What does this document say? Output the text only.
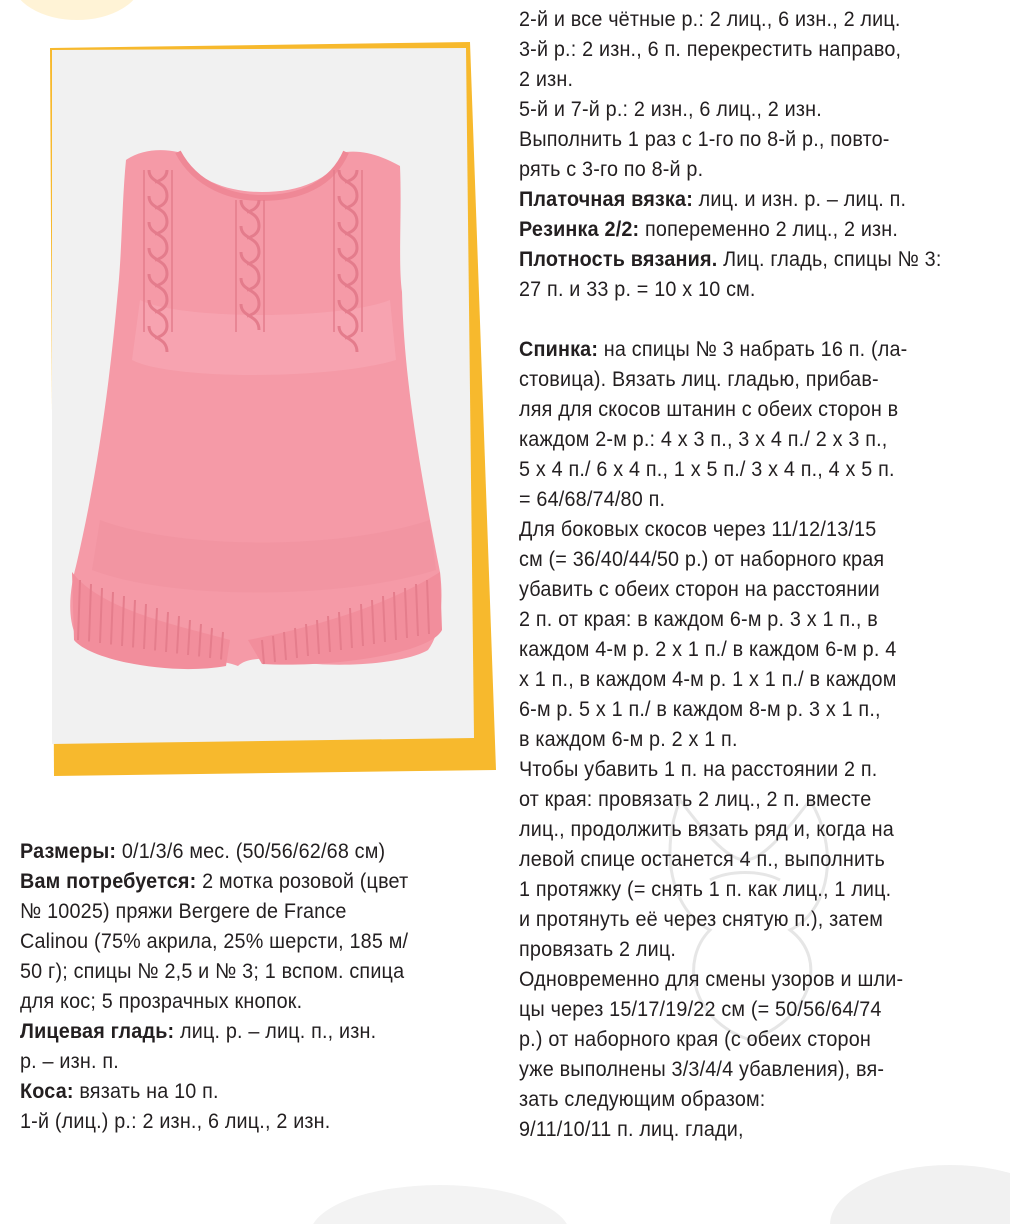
2-й и все чётные р.: 2 лиц., 6 изн., 2 лиц.
3-й р.: 2 изн., 6 п. перекрестить направо,
2 изн.
5-й и 7-й р.: 2 изн., 6 лиц., 2 изн.
Выполнить 1 раз с 1-го по 8-й р., повто-
рять с 3-го по 8-й р.
Платочная вязка: лиц. и изн. р. – лиц. п.
Резинка 2/2: попеременно 2 лиц., 2 изн.
Плотность вязания. Лиц. гладь, спицы № 3:
27 п. и 33 р. = 10 х 10 см.
Спинка: на спицы № 3 набрать 16 п. (ла-
стовица). Вязать лиц. гладью, прибав-
ляя для скосов штанин с обеих сторон в
каждом 2-м р.: 4 х 3 п., 3 х 4 п./ 2 х 3 п.,
5 х 4 п./ 6 х 4 п., 1 х 5 п./ 3 х 4 п., 4 х 5 п.
= 64/68/74/80 п.
Для боковых скосов через 11/12/13/15
см (= 36/40/44/50 р.) от наборного края
убавить с обеих сторон на расстоянии
2 п. от края: в каждом 6-м р. 3 х 1 п., в
каждом 4-м р. 2 х 1 п./ в каждом 6-м р. 4
х 1 п., в каждом 4-м р. 1 х 1 п./ в каждом
6-м р. 5 х 1 п./ в каждом 8-м р. 3 х 1 п.,
в каждом 6-м р. 2 х 1 п.
Чтобы убавить 1 п. на расстоянии 2 п.
от края: провязать 2 лиц., 2 п. вместе
лиц., продолжить вязать ряд и, когда на
левой спице останется 4 п., выполнить
1 протяжку (= снять 1 п. как лиц., 1 лиц.
и протянуть её через снятую п.), затем
провязать 2 лиц.
Одновременно для смены узоров и шли-
цы через 15/17/19/22 см (= 50/56/64/74
р.) от наборного края (с обеих сторон
уже выполнены 3/3/4/4 убавления), вя-
зать следующим образом:
9/11/10/11 п. лиц. глади,
Размеры: 0/1/3/6 мес. (50/56/62/68 см)
Вам потребуется: 2 мотка розовой (цвет
№ 10025) пряжи Bergere de France
Calinou (75% акрила, 25% шерсти, 185 м/
50 г); спицы № 2,5 и № 3; 1 вспом. спица
для кос; 5 прозрачных кнопок.
Лицевая гладь: лиц. р. – лиц. п., изн.
р. – изн. п.
Коса: вязать на 10 п.
1-й (лиц.) р.: 2 изн., 6 лиц., 2 изн.
